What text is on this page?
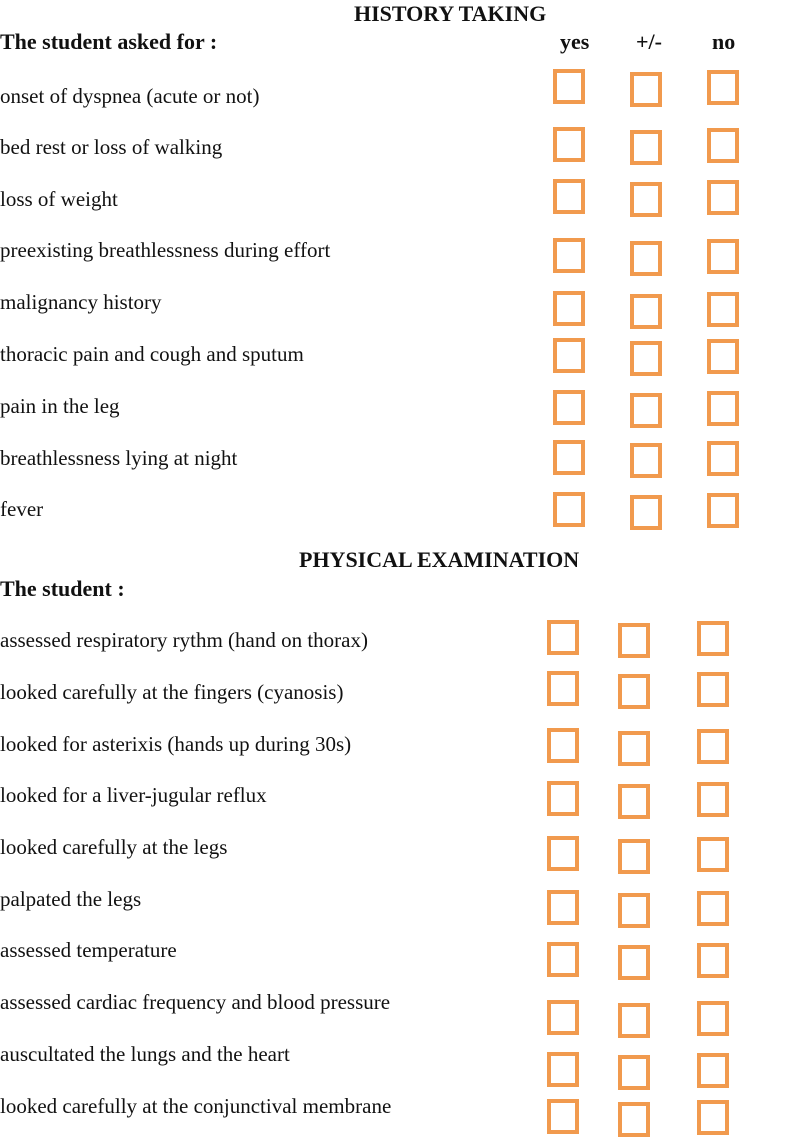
HISTORY TAKING
The student asked for :	yes +/- no
onset of dyspnea (acute or not)
bed rest or loss of walking
loss of weight
preexisting breathlessness during effort
malignancy history
thoracic pain and cough and sputum
pain in the leg
breathlessness lying at night
fever
PHYSICAL EXAMINATION
The student :
assessed respiratory rythm (hand on thorax)
looked carefully at the fingers (cyanosis)
looked for asterixis (hands up during 30s)
looked for a liver-jugular reflux
looked carefully at the legs
palpated the legs
assessed temperature
assessed cardiac frequency and blood pressure
auscultated the lungs and the heart
looked carefully at the conjunctival membrane
